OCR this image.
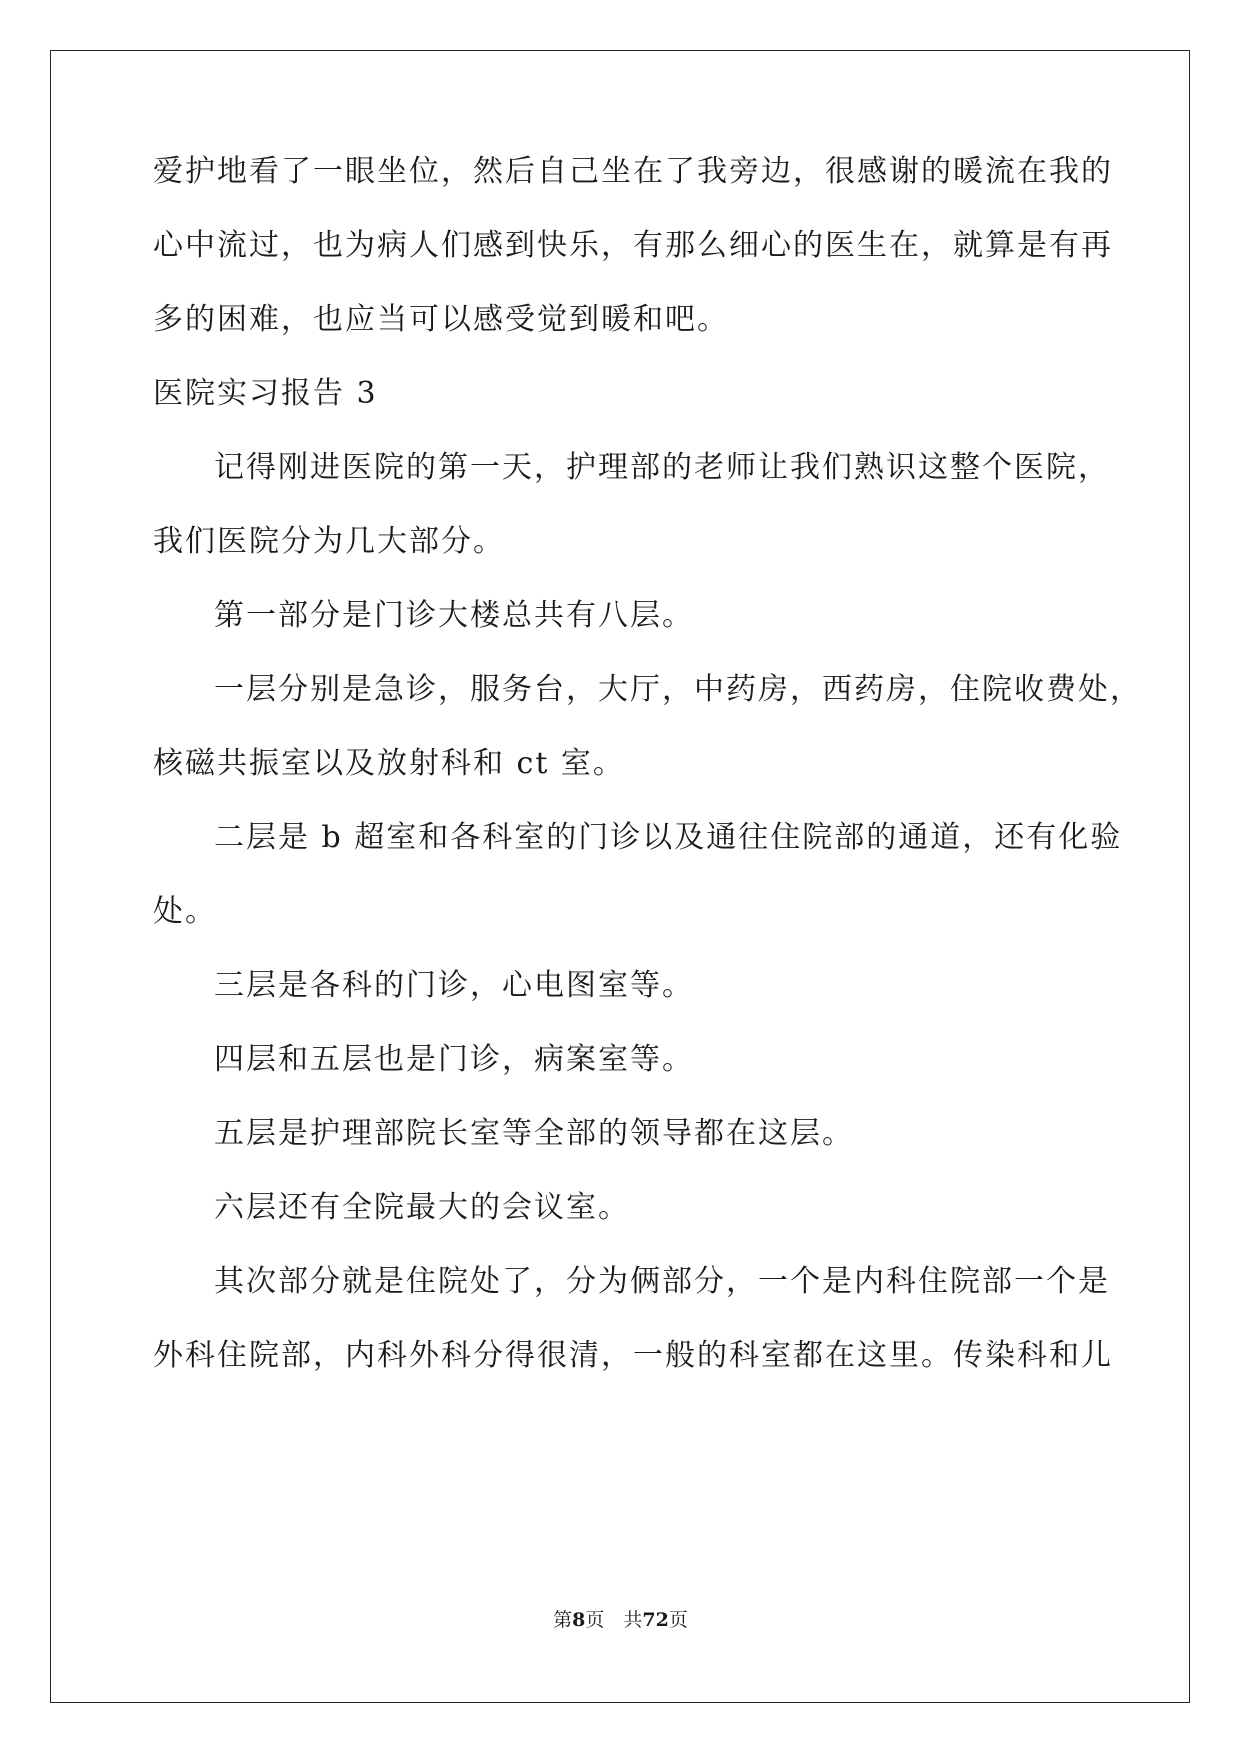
爱护地看了一眼坐位，然后自己坐在了我旁边，很感谢的暖流在我的
心中流过，也为病人们感到快乐，有那么细心的医生在，就算是有再
多的困难，也应当可以感受觉到暖和吧。
医院实习报告 3
记得刚进医院的第一天，护理部的老师让我们熟识这整个医院，
我们医院分为几大部分。
第一部分是门诊大楼总共有八层。
一层分别是急诊，服务台，大厅，中药房，西药房，住院收费处，
核磁共振室以及放射科和 ct 室。
二层是 b 超室和各科室的门诊以及通往住院部的通道，还有化验
处。
三层是各科的门诊，心电图室等。
四层和五层也是门诊，病案室等。
五层是护理部院长室等全部的领导都在这层。
六层还有全院最大的会议室。
其次部分就是住院处了，分为俩部分，一个是内科住院部一个是
外科住院部，内科外科分得很清，一般的科室都在这里。传染科和儿
第8页　共72页
